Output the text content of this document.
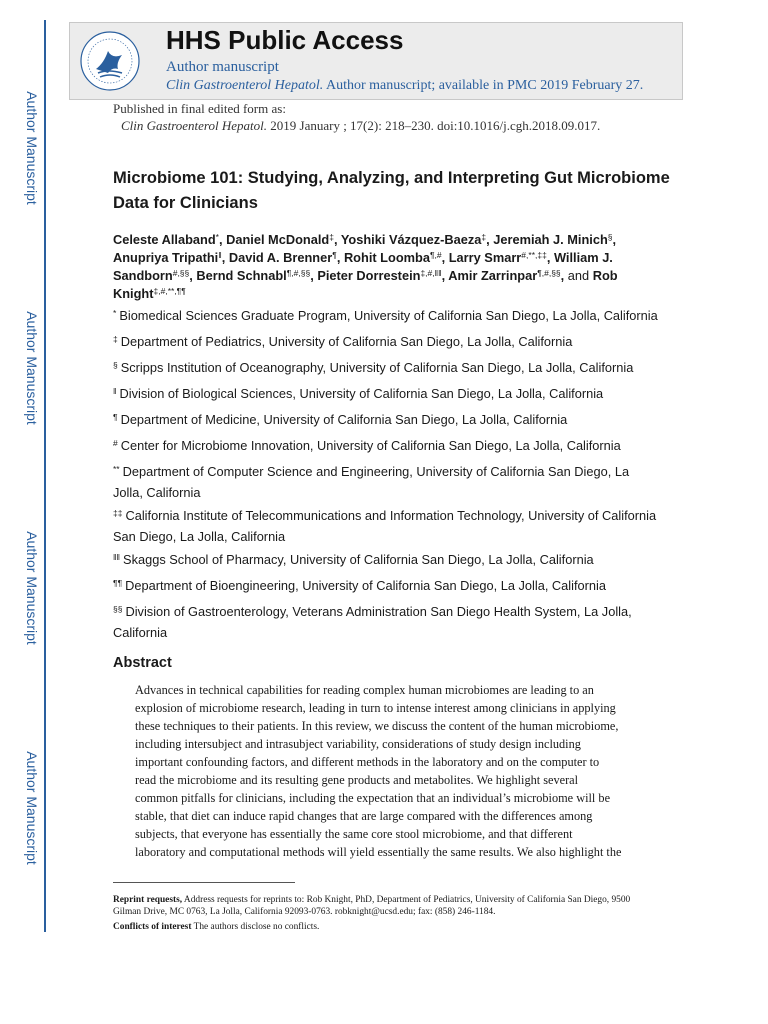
Author Manuscript
Author Manuscript
Author Manuscript
Author Manuscript
HHS Public Access
Author manuscript
Clin Gastroenterol Hepatol. Author manuscript; available in PMC 2019 February 27.
Published in final edited form as:
Clin Gastroenterol Hepatol. 2019 January ; 17(2): 218–230. doi:10.1016/j.cgh.2018.09.017.
Microbiome 101: Studying, Analyzing, and Interpreting Gut Microbiome Data for Clinicians
Celeste Allaband*, Daniel McDonald‡, Yoshiki Vázquez-Baeza‡, Jeremiah J. Minich§, Anupriya Tripathi$^ǁ$, David A. Brenner¶, Rohit Loomba¶,#, Larry Smarr#,**,‡‡, William J. Sandborn#,§§, Bernd Schnabl¶,#,§§, Pieter Dorrestein$^{\ddagger,\#,ǁǁ}$, Amir Zarrinpar¶,#,§§, and Rob Knight‡,#,**,¶¶
* Biomedical Sciences Graduate Program, University of California San Diego, La Jolla, California
‡ Department of Pediatrics, University of California San Diego, La Jolla, California
§ Scripps Institution of Oceanography, University of California San Diego, La Jolla, California
$^ǁ$ Division of Biological Sciences, University of California San Diego, La Jolla, California
¶ Department of Medicine, University of California San Diego, La Jolla, California
# Center for Microbiome Innovation, University of California San Diego, La Jolla, California
** Department of Computer Science and Engineering, University of California San Diego, La Jolla, California
‡‡ California Institute of Telecommunications and Information Technology, University of California San Diego, La Jolla, California
$^{ǁǁ}$ Skaggs School of Pharmacy, University of California San Diego, La Jolla, California
¶¶ Department of Bioengineering, University of California San Diego, La Jolla, California
§§ Division of Gastroenterology, Veterans Administration San Diego Health System, La Jolla, California
Abstract
Advances in technical capabilities for reading complex human microbiomes are leading to an
explosion of microbiome research, leading in turn to intense interest among clinicians in applying
these techniques to their patients. In this review, we discuss the content of the human microbiome,
including intersubject and intrasubject variability, considerations of study design including
important confounding factors, and different methods in the laboratory and on the computer to
read the microbiome and its resulting gene products and metabolites. We highlight several
common pitfalls for clinicians, including the expectation that an individual’s microbiome will be
stable, that diet can induce rapid changes that are large compared with the differences among
subjects, that everyone has essentially the same core stool microbiome, and that different
laboratory and computational methods will yield essentially the same results. We also highlight the
Reprint requests, Address requests for reprints to: Rob Knight, PhD, Department of Pediatrics, University of California San Diego, 9500 Gilman Drive, MC 0763, La Jolla, California 92093-0763. robknight@ucsd.edu; fax: (858) 246-1184.
Conflicts of interest The authors disclose no conflicts.
